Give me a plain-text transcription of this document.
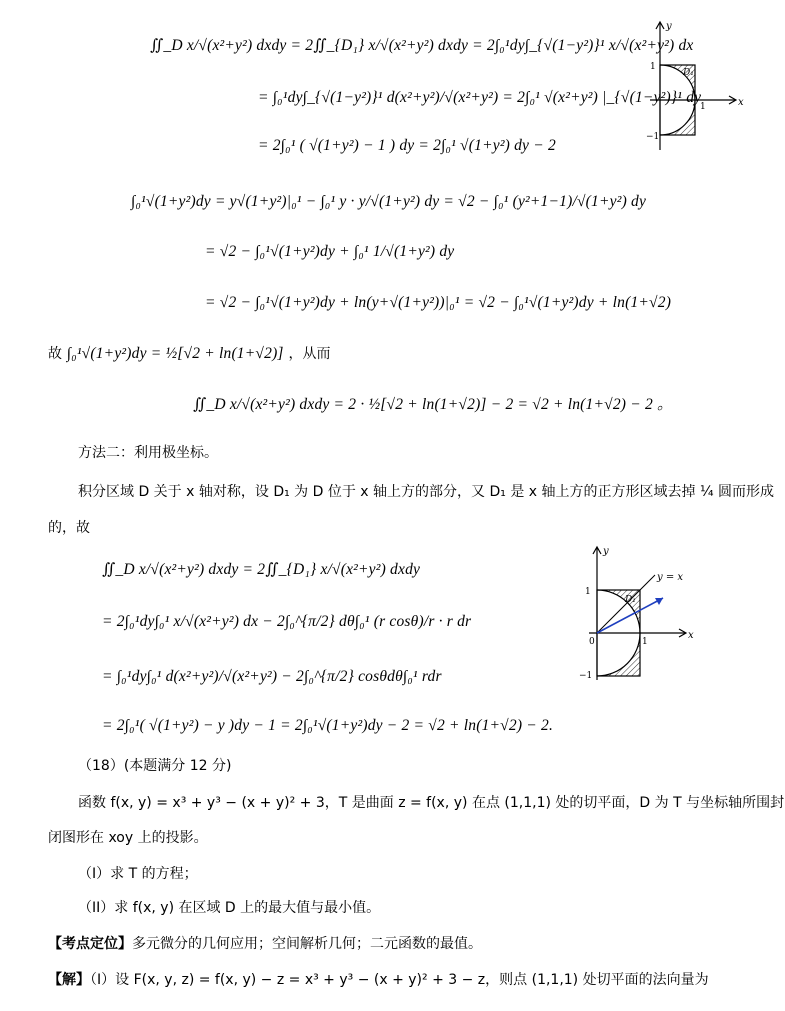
∬_D x/√(x²+y²) dxdy = 2∬_{D₁} x/√(x²+y²) dxdy = 2∫₀¹dy∫_{√(1−y²)}¹ x/√(x²+y²) dx
= ∫₀¹dy∫_{√(1−y²)}¹ d(x²+y²)/√(x²+y²) = 2∫₀¹ √(x²+y²) |_{√(1−y²)}¹ dy
= 2∫₀¹ ( √(1+y²) − 1 ) dy = 2∫₀¹ √(1+y²) dy − 2
∫₀¹√(1+y²)dy = y√(1+y²)|₀¹ − ∫₀¹ y · y/√(1+y²) dy = √2 − ∫₀¹ (y²+1−1)/√(1+y²) dy
= √2 − ∫₀¹√(1+y²)dy + ∫₀¹ 1/√(1+y²) dy
= √2 − ∫₀¹√(1+y²)dy + ln(y+√(1+y²))|₀¹ = √2 − ∫₀¹√(1+y²)dy + ln(1+√2)
故 ∫₀¹√(1+y²)dy = ½[√2 + ln(1+√2)] ，从而
∬_D x/√(x²+y²) dxdy = 2 · ½[√2 + ln(1+√2)] − 2 = √2 + ln(1+√2) − 2 。
方法二：利用极坐标。
积分区域 D 关于 x 轴对称，设 D₁ 为 D 位于 x 轴上方的部分，又 D₁ 是 x 轴上方的正方形区域去掉 ¼ 圆而形成
的，故
∬_D x/√(x²+y²) dxdy = 2∬_{D₁} x/√(x²+y²) dxdy
= 2∫₀¹dy∫₀¹ x/√(x²+y²) dx − 2∫₀^{π/2} dθ∫₀¹ (r cosθ)/r · r dr
= ∫₀¹dy∫₀¹ d(x²+y²)/√(x²+y²) − 2∫₀^{π/2} cosθdθ∫₀¹ rdr
= 2∫₀¹( √(1+y²) − y )dy − 1 = 2∫₀¹√(1+y²)dy − 2 = √2 + ln(1+√2) − 2.
（18）(本题满分 12 分)
函数 f(x, y) = x³ + y³ − (x + y)² + 3，T 是曲面 z = f(x, y) 在点 (1,1,1) 处的切平面，D 为 T 与坐标轴所围封
闭图形在 xoy 上的投影。
（I）求 T 的方程；
（II）求 f(x, y) 在区域 D 上的最大值与最小值。
【考点定位】多元微分的几何应用；空间解析几何；二元函数的最值。
【解】（I）设 F(x, y, z) = f(x, y) − z = x³ + y³ − (x + y)² + 3 − z，则点 (1,1,1) 处切平面的法向量为
y
x
1
−1
1
D₁
y
x
1
−1
0	1
D₁
y = x
